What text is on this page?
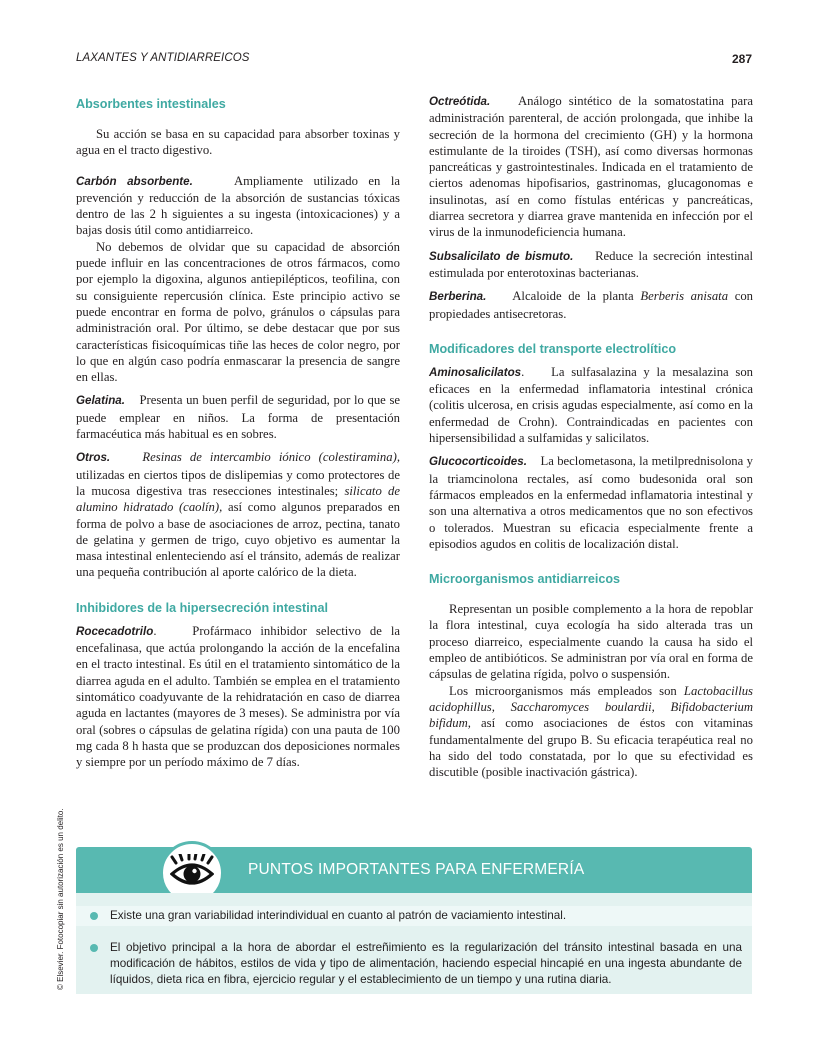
LAXANTES Y ANTIDIARREICOS	287
Absorbentes intestinales

Su acción se basa en su capacidad para absorber toxinas y agua en el tracto digestivo.

Carbón absorbente.	Ampliamente utilizado en la prevención y reducción de la absorción de sustancias tóxicas dentro de las 2 h siguientes a su ingesta (intoxicaciones) y a bajas dosis útil como antidiarreico.

No debemos de olvidar que su capacidad de absorción puede influir en las concentraciones de otros fármacos, como por ejemplo la digoxina, algunos antiepilépticos, teofilina, con su consiguiente repercusión clínica. Este principio activo se puede encontrar en forma de polvo, gránulos o cápsulas para administración oral. Por último, se debe destacar que por sus características fisicoquímicas tiñe las heces de color negro, por lo que en algún caso podría enmascarar la presencia de sangre en ellas.

Gelatina. Presenta un buen perfil de seguridad, por lo que se puede emplear en niños. La forma de presentación farmacéutica más habitual es en sobres.

Otros.	Resinas de intercambio iónico (colestiramina), utilizadas en ciertos tipos de dislipemias y como protectores de la mucosa digestiva tras resecciones intestinales; silicato de alumino hidratado (caolín), así como algunos preparados en forma de polvo a base de asociaciones de arroz, pectina, tanato de gelatina y germen de trigo, cuyo objetivo es aumentar la masa intestinal enlenteciendo así el tránsito, además de realizar una pequeña contribución al aporte calórico de la dieta.

Inhibidores de la hipersecreción intestinal

Rocecadotrilo.    Profármaco inhibidor selectivo de la encefalinasa, que actúa prolongando la acción de la encefalina en el tracto intestinal. Es útil en el tratamiento sintomático de la diarrea aguda en el adulto. También se emplea en el tratamiento sintomático coadyuvante de la rehidratación en caso de diarrea aguda en lactantes (mayores de 3 meses). Se administra por vía oral (sobres o cápsulas de gelatina rígida) con una pauta de 100 mg cada 8 h hasta que se produzcan dos deposiciones normales y siempre por un período máximo de 7 días.

Octreótida. Análogo sintético de la somatostatina para administración parenteral, de acción prolongada, que inhibe la secreción de la hormona del crecimiento (GH) y la hormona estimulante de la tiroides (TSH), así como diversas hormonas pancreáticas y gastrointestinales. Indicada en el tratamiento de ciertos adenomas hipofisarios, gastrinomas, glucagonomas e insulinotas, así en como fístulas entéricas y pancreáticas, diarrea secretora y diarrea grave mantenida en infección por el virus de la inmunodeficiencia humana.

Subsalicilato de bismuto. Reduce la secreción intestinal estimulada por enterotoxinas bacterianas.

Berberina. Alcaloide de la planta Berberis anisata con propiedades antisecretoras.

Modificadores del transporte electrolítico

Aminosalicilatos.    La sulfasalazina y la mesalazina son eficaces en la enfermedad inflamatoria intestinal crónica (colitis ulcerosa, en crisis agudas especialmente, así como en la enfermedad de Crohn). Contraindicadas en pacientes con hipersensibilidad a sulfamidas y salicilatos.

Glucocorticoides. La beclometasona, la metilprednisolona y la triamcinolona rectales, así como budesonida oral son fármacos empleados en la enfermedad inflamatoria intestinal y son una alternativa a otros medicamentos que no son efectivos o tolerados. Muestran su eficacia especialmente frente a episodios agudos en colitis de localización distal.

Microorganismos antidiarreicos

Representan un posible complemento a la hora de repoblar la flora intestinal, cuya ecología ha sido alterada tras un proceso diarreico, especialmente cuando la causa ha sido el empleo de antibióticos. Se administran por vía oral en forma de cápsulas de gelatina rígida, polvo o suspensión.

Los microorganismos más empleados son Lactobacillus acidophillus, Saccharomyces boulardii, Bifidobacterium bifidum, así como asociaciones de éstos con vitaminas fundamentalmente del grupo B. Su eficacia terapéutica real no ha sido del todo constatada, por lo que su efectividad es discutible (posible inactivación gástrica).

© Elsevier. Fotocopiar sin autorización es un delito.	PUNTOS IMPORTANTES PARA ENFERMERÍA
Existe una gran variabilidad interindividual en cuanto al patrón de vaciamiento intestinal.
El objetivo principal a la hora de abordar el estreñimiento es la regularización del tránsito intestinal basada en una modificación de hábitos, estilos de vida y tipo de alimentación, haciendo especial hincapié en una ingesta abundante de líquidos, dieta rica en fibra, ejercicio regular y el establecimiento de un tiempo y una rutina diaria.
